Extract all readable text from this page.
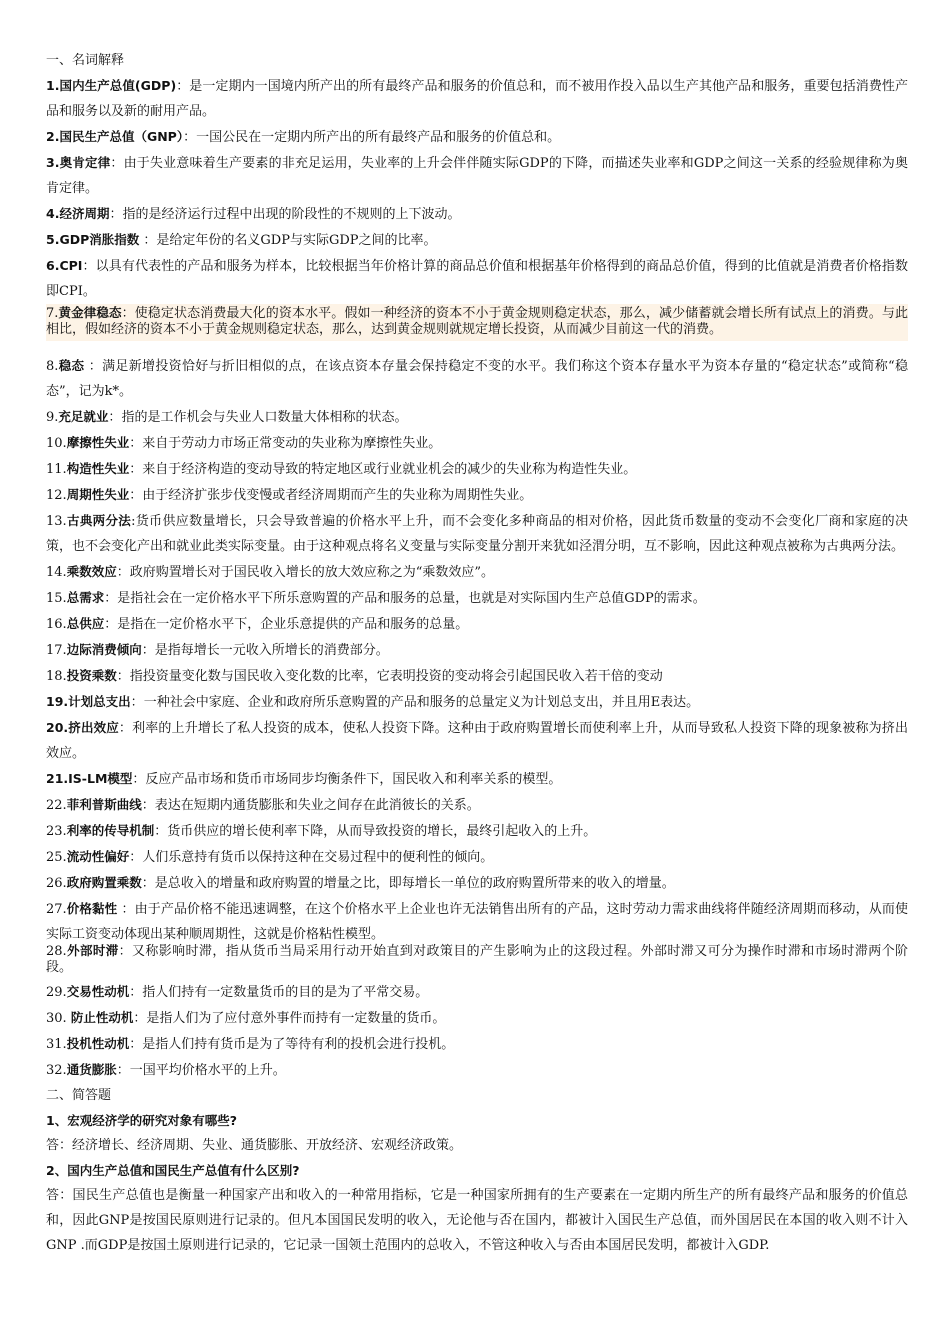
一、名词解释
1.国内生产总值(GDP)：是一定期内一国境内所产出的所有最终产品和服务的价值总和，而不被用作投入品以生产其他产品和服务，重要包括消费性产品和服务以及新的耐用产品。
2.国民生产总值（GNP）：一国公民在一定期内所产出的所有最终产品和服务的价值总和。
3.奥肯定律：由于失业意味着生产要素的非充足运用，失业率的上升会伴伴随实际GDP的下降，而描述失业率和GDP之间这一关系的经验规律称为奥肯定律。
4.经济周期：指的是经济运行过程中出现的阶段性的不规则的上下波动。
5.GDP消胀指数 ：是给定年份的名义GDP与实际GDP之间的比率。
6.CPI：以具有代表性的产品和服务为样本，比较根据当年价格计算的商品总价值和根据基年价格得到的商品总价值，得到的比值就是消费者价格指数即CPI。
7.黄金律稳态：使稳定状态消费最大化的资本水平。假如一种经济的资本不小于黄金规则稳定状态，那么，减少储蓄就会增长所有试点上的消费。与此相比，假如经济的资本不小于黄金规则稳定状态，那么，达到黄金规则就规定增长投资，从而减少目前这一代的消费。
8.稳态 ：满足新增投资恰好与折旧相似的点，在该点资本存量会保持稳定不变的水平。我们称这个资本存量水平为资本存量的“稳定状态”或简称“稳态”，记为k*。
9.充足就业：指的是工作机会与失业人口数量大体相称的状态。
10.摩擦性失业：来自于劳动力市场正常变动的失业称为摩擦性失业。
11.构造性失业：来自于经济构造的变动导致的特定地区或行业就业机会的减少的失业称为构造性失业。
12.周期性失业：由于经济扩张步伐变慢或者经济周期而产生的失业称为周期性失业。
13.古典两分法:货币供应数量增长，只会导致普遍的价格水平上升，而不会变化多种商品的相对价格，因此货币数量的变动不会变化厂商和家庭的决策，也不会变化产出和就业此类实际变量。由于这种观点将名义变量与实际变量分割开来犹如泾渭分明，互不影响，因此这种观点被称为古典两分法。
14.乘数效应：政府购置增长对于国民收入增长的放大效应称之为“乘数效应”。
15.总需求：是指社会在一定价格水平下所乐意购置的产品和服务的总量，也就是对实际国内生产总值GDP的需求。
16.总供应：是指在一定价格水平下，企业乐意提供的产品和服务的总量。
17.边际消费倾向：是指每增长一元收入所增长的消费部分。
18.投资乘数：指投资量变化数与国民收入变化数的比率，它表明投资的变动将会引起国民收入若干倍的变动
19.计划总支出：一种社会中家庭、企业和政府所乐意购置的产品和服务的总量定义为计划总支出，并且用E表达。
20.挤出效应：利率的上升增长了私人投资的成本，使私人投资下降。这种由于政府购置增长而使利率上升，从而导致私人投资下降的现象被称为挤出效应。
21.IS-LM模型：反应产品市场和货币市场同步均衡条件下，国民收入和利率关系的模型。
22.菲利普斯曲线：表达在短期内通货膨胀和失业之间存在此消彼长的关系。
23.利率的传导机制：货币供应的增长使利率下降，从而导致投资的增长，最终引起收入的上升。
25.流动性偏好：人们乐意持有货币以保持这种在交易过程中的便利性的倾向。
26.政府购置乘数：是总收入的增量和政府购置的增量之比，即每增长一单位的政府购置所带来的收入的增量。
27.价格黏性 ：由于产品价格不能迅速调整，在这个价格水平上企业也许无法销售出所有的产品，这时劳动力需求曲线将伴随经济周期而移动，从而使实际工资变动体现出某种顺周期性，这就是价格粘性模型。
28.外部时滞：又称影响时滞，指从货币当局采用行动开始直到对政策目的产生影响为止的这段过程。外部时滞又可分为操作时滞和市场时滞两个阶段。
29.交易性动机：指人们持有一定数量货币的目的是为了平常交易。
30. 防止性动机：是指人们为了应付意外事件而持有一定数量的货币。
31.投机性动机：是指人们持有货币是为了等待有利的投机会进行投机。
32.通货膨胀：一国平均价格水平的上升。
二、简答题
1、宏观经济学的研究对象有哪些?
答：经济增长、经济周期、失业、通货膨胀、开放经济、宏观经济政策。
2、国内生产总值和国民生产总值有什么区别?
答：国民生产总值也是衡量一种国家产出和收入的一种常用指标，它是一种国家所拥有的生产要素在一定期内所生产的所有最终产品和服务的价值总和，因此GNP是按国民原则进行记录的。但凡本国国民发明的收入，无论他与否在国内，都被计入国民生产总值，而外国居民在本国的收入则不计入GNP .而GDP是按国土原则进行记录的，它记录一国领土范围内的总收入，不管这种收入与否由本国居民发明，都被计入GDP.
